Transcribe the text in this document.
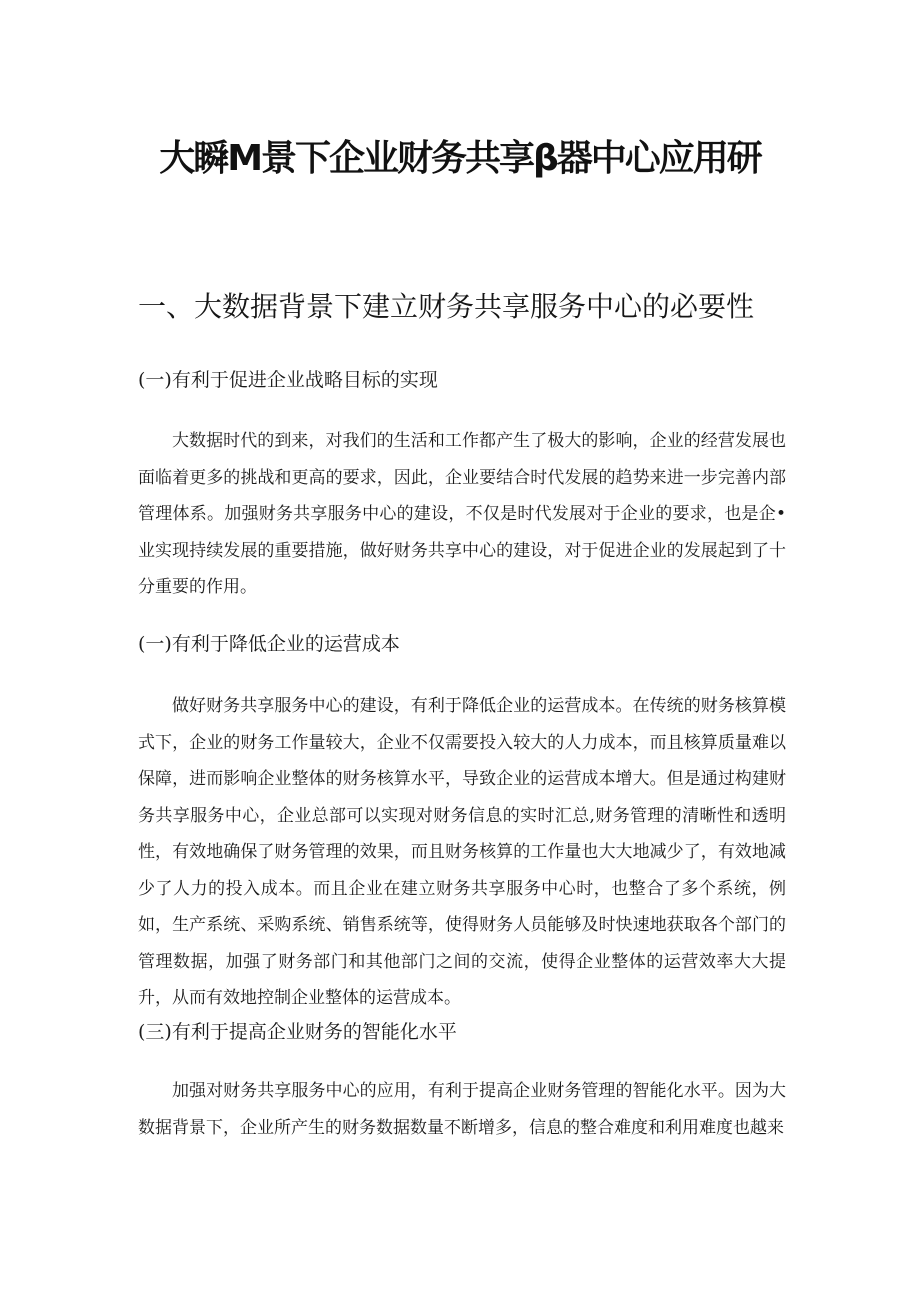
大瞬M景下企业财务共享β器中心应用研
一、大数据背景下建立财务共享服务中心的必要性
(一)有利于促进企业战略目标的实现

大数据时代的到来，对我们的生活和工作都产生了极大的影响，企业的经营发展也面临着更多的挑战和更高的要求，因此，企业要结合时代发展的趋势来进一步完善内部管理体系。加强财务共享服务中心的建设，不仅是时代发展对于企业的要求，也是企•业实现持续发展的重要措施，做好财务共享中心的建设，对于促进企业的发展起到了十分重要的作用。

(一)有利于降低企业的运营成本

做好财务共享服务中心的建设，有利于降低企业的运营成本。在传统的财务核算模式下，企业的财务工作量较大，企业不仅需要投入较大的人力成本，而且核算质量难以保障，进而影响企业整体的财务核算水平，导致企业的运营成本增大。但是通过构建财务共享服务中心，企业总部可以实现对财务信息的实时汇总,财务管理的清晰性和透明性，有效地确保了财务管理的效果，而且财务核算的工作量也大大地减少了，有效地减少了人力的投入成本。而且企业在建立财务共享服务中心时，也整合了多个系统，例如，生产系统、采购系统、销售系统等，使得财务人员能够及时快速地获取各个部门的管理数据，加强了财务部门和其他部门之间的交流，使得企业整体的运营效率大大提升，从而有效地控制企业整体的运营成本。

(三)有利于提高企业财务的智能化水平

加强对财务共享服务中心的应用，有利于提高企业财务管理的智能化水平。因为大数据背景下，企业所产生的财务数据数量不断增多，信息的整合难度和利用难度也越来
